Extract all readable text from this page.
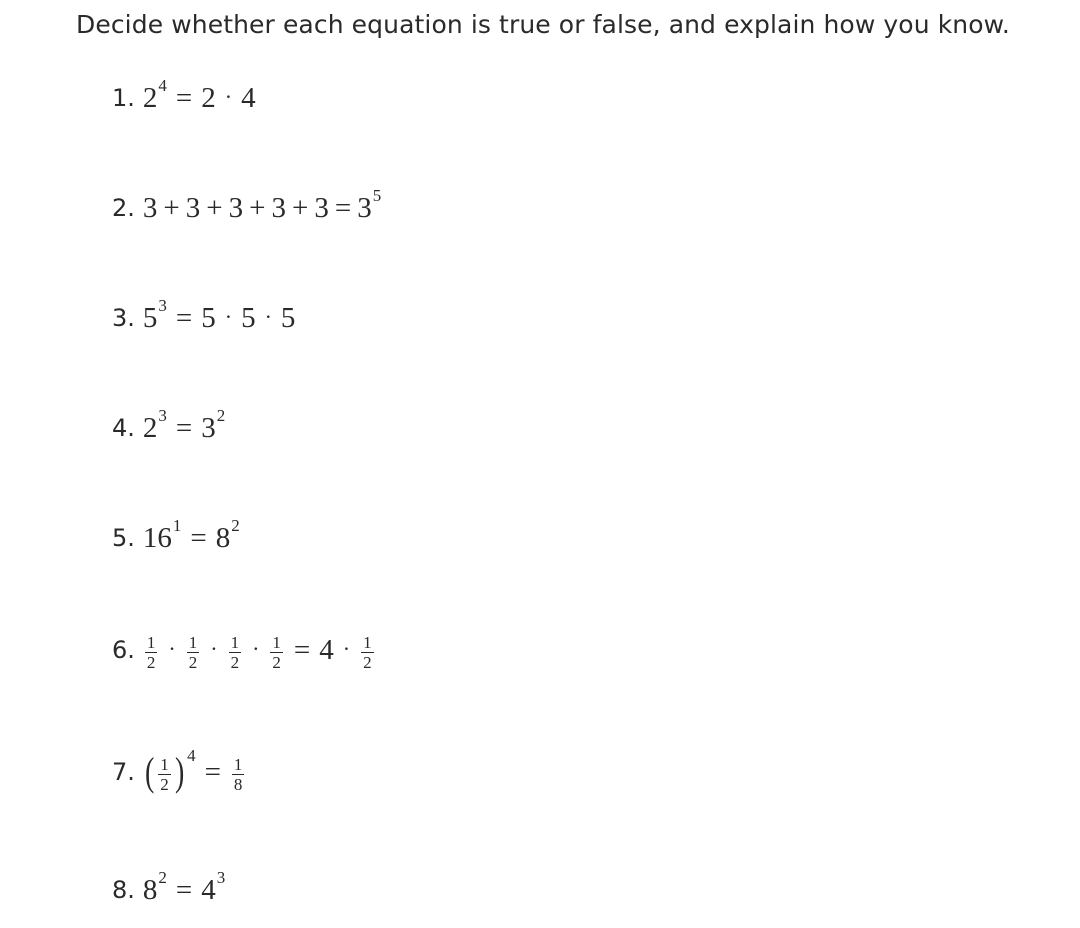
Decide whether each equation is true or false, and explain how you know.
1. 2 4 = 2 · 4
2. 3 + 3 + 3 + 3 + 3 = 3 5
3. 5 3 = 5 · 5 · 5
4. 2 3 = 3 2
5. 16 1 = 8 2
6. $\frac{1}{2} \cdot \frac{1}{2} \cdot \frac{1}{2} \cdot \frac{1}{2} = 4 \cdot \frac{1}{2}$
7. ( $\frac{1}{2}$ ) $4 = \frac{1}{8}$
8. 8 2 = 4 3
